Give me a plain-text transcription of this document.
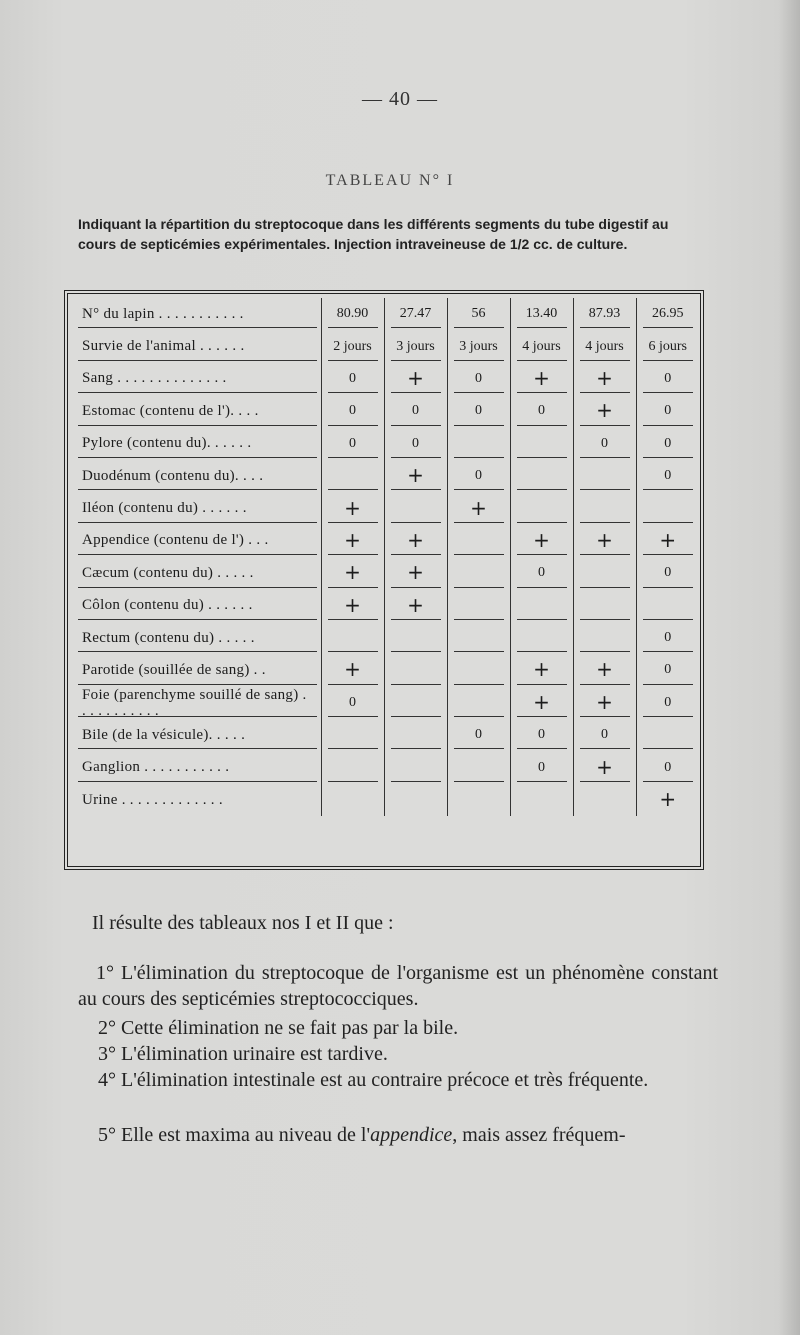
— 40 —
TABLEAU N° I
Indiquant la répartition du streptocoque dans les différents segments du tube digestif au cours de septicémies expérimentales. Injection intraveineuse de 1/2 cc. de culture.
N° du lapin . . . . . . . . . . .	80.90	27.47	56	13.40	87.93	26.95
Survie de l'animal . . . . . .	2 jours	3 jours	3 jours	4 jours	4 jours	6 jours
Sang . . . . . . . . . . . . . .	0	+	0	+	+	0
Estomac (contenu de l'). . . .	0	0	0	0	+	0
Pylore (contenu du). . . . . .	0	0			0	0
Duodénum (contenu du). . . .		+	0			0
Iléon (contenu du) . . . . . .	+		+			
Appendice (contenu de l') . . .	+	+		+	+	+
Cæcum (contenu du) . . . . .	+	+		0		0
Côlon (contenu du) . . . . . .	+	+				
Rectum (contenu du) . . . . .						0
Parotide (souillée de sang) . .	+			+	+	0
Foie (parenchyme souillé de sang) . . . . . . . . . . .	0			+	+	0
Bile (de la vésicule). . . . .			0	0	0	
Ganglion . . . . . . . . . . .				0	+	0
Urine . . . . . . . . . . . . .						+
Il résulte des tableaux nos I et II que :
1° L'élimination du streptocoque de l'organisme est un phénomène constant au cours des septicémies streptococciques.
2° Cette élimination ne se fait pas par la bile.
3° L'élimination urinaire est tardive.
4° L'élimination intestinale est au contraire précoce et très fréquente.
5° Elle est maxima au niveau de l'appendice, mais assez fréquem-
